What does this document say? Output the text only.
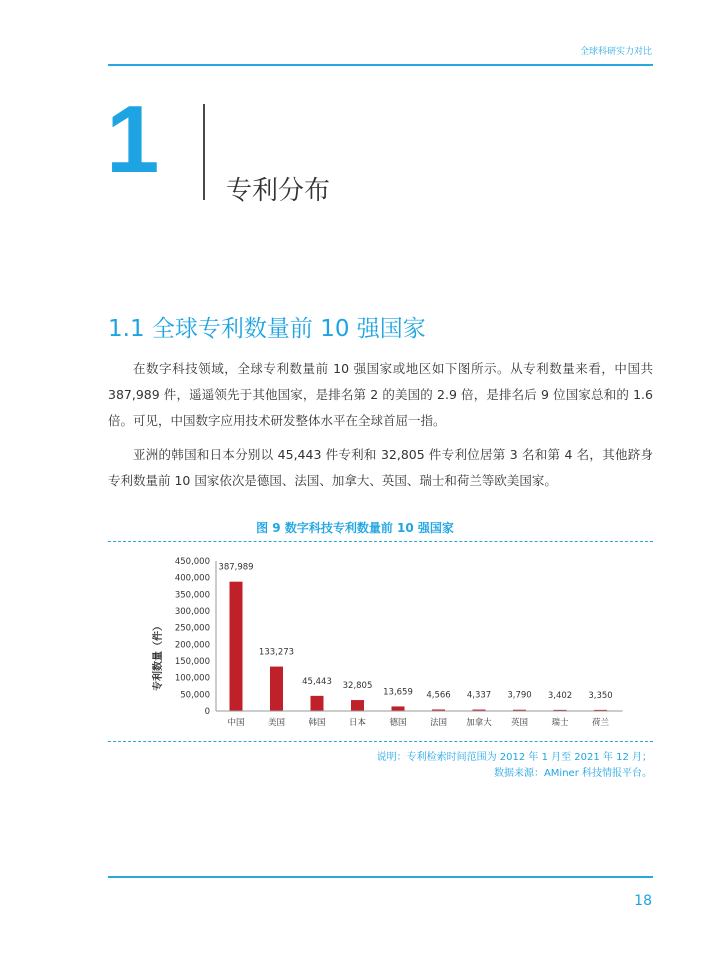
全球科研实力对比
1	专利分布
1.1 全球专利数量前 10 强国家

在数字科技领域，全球专利数量前 10 强国家或地区如下图所示。从专利数量来看，中国共 387,989 件，遥遥领先于其他国家，是排名第 2 的美国的 2.9 倍，是排名后 9 位国家总和的 1.6 倍。可见，中国数字应用技术研发整体水平在全球首屈一指。

亚洲的韩国和日本分别以 45,443 件专利和 32,805 件专利位居第 3 名和第 4 名，其他跻身专利数量前 10 国家依次是德国、法国、加拿大、英国、瑞士和荷兰等欧美国家。

图 9 数字科技专利数量前 10 强国家
0
50,000
100,000
150,000
200,000
250,000
300,000
350,000
400,000
450,000
387,989
133,273
45,443 32,805
13,659 4,566 4,337 3,790 3,402 3,350
中国	美国	韩国	日本	德国	法国 加拿大 英国	瑞士	荷兰
专利数量（件）
说明：专利检索时间范围为 2012 年 1 月至 2021 年 12 月；
数据来源：AMiner 科技情报平台。
18
